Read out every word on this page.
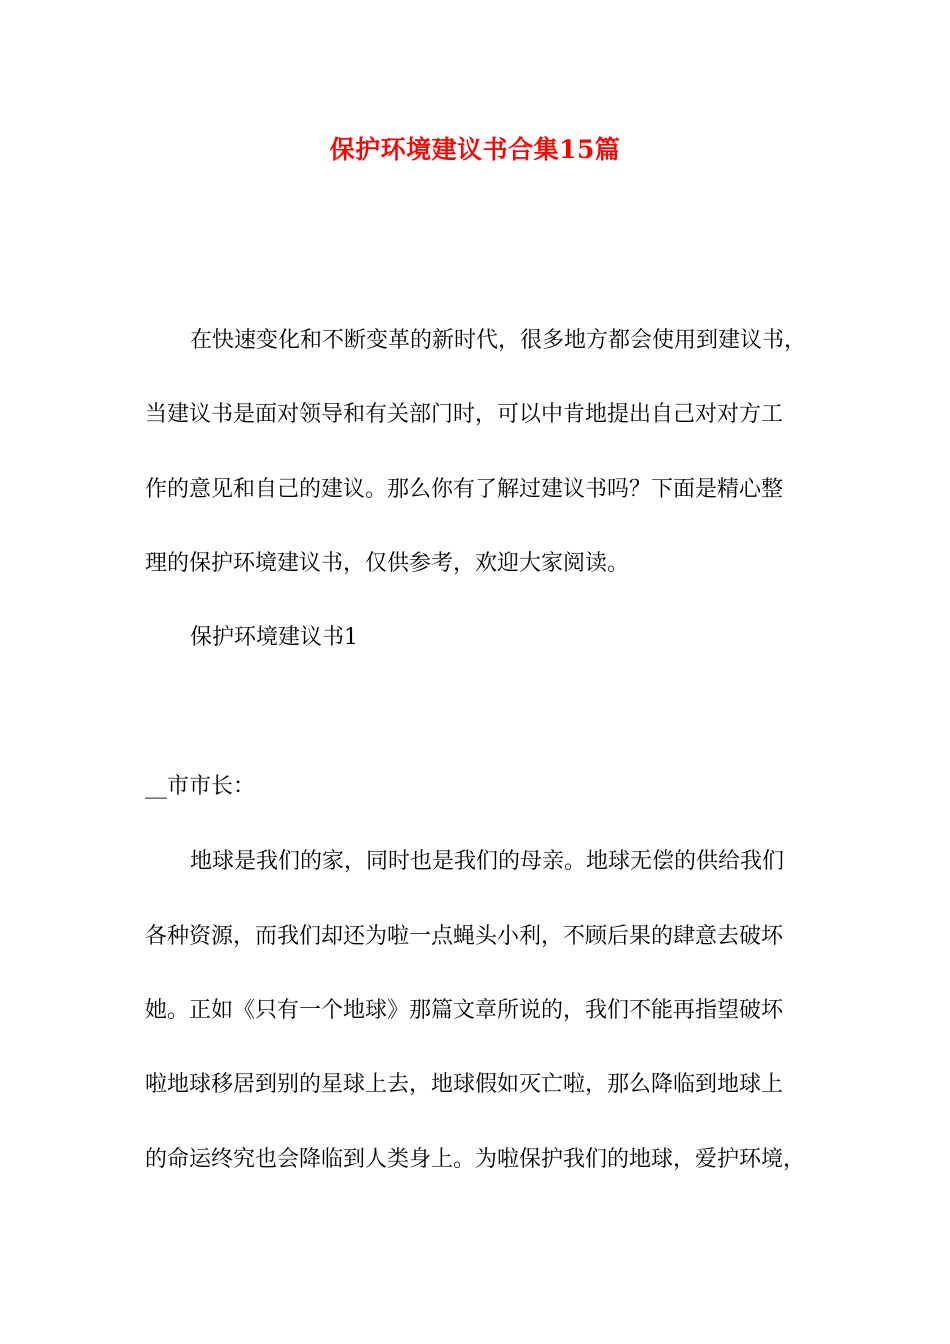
保护环境建议书合集15篇
在快速变化和不断变革的新时代，很多地方都会使用到建议书，
当建议书是面对领导和有关部门时，可以中肯地提出自己对对方工
作的意见和自己的建议。那么你有了解过建议书吗？下面是精心整
理的保护环境建议书，仅供参考，欢迎大家阅读。
保护环境建议书1
__市市长：
地球是我们的家，同时也是我们的母亲。地球无偿的供给我们
各种资源，而我们却还为啦一点蝇头小利，不顾后果的肆意去破坏
她。正如《只有一个地球》那篇文章所说的，我们不能再指望破坏
啦地球移居到别的星球上去，地球假如灭亡啦，那么降临到地球上
的命运终究也会降临到人类身上。为啦保护我们的地球，爱护环境，
